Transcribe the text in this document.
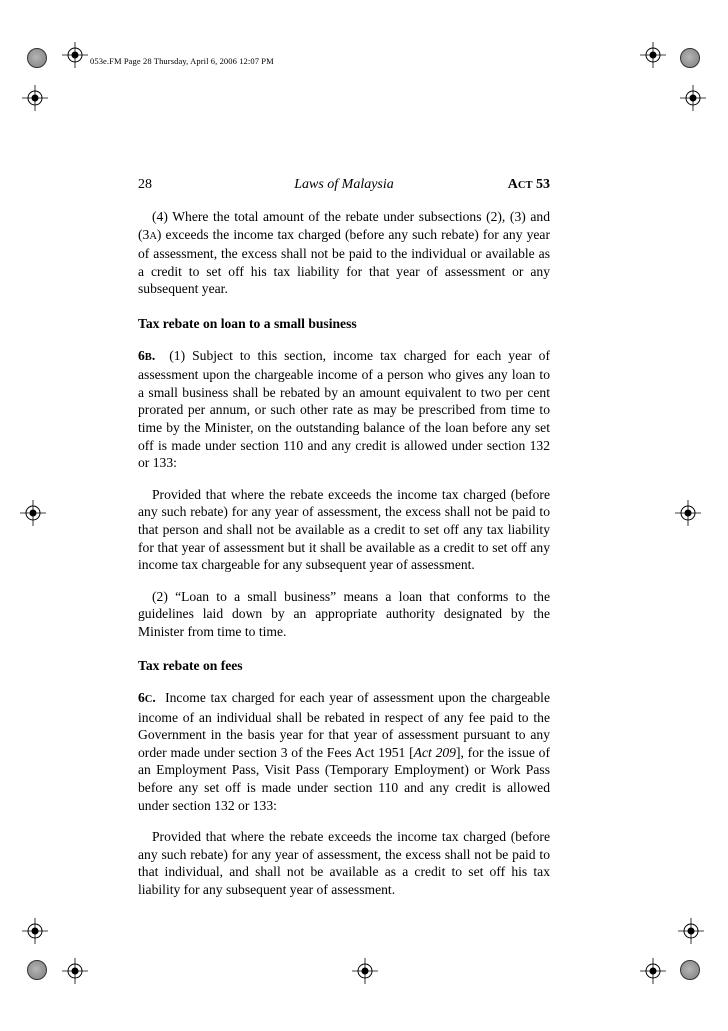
053e.FM Page 28 Thursday, April 6, 2006 12:07 PM
28	Laws of Malaysia	ACT 53

(4) Where the total amount of the rebate under subsections (2), (3) and (3A) exceeds the income tax charged (before any such rebate) for any year of assessment, the excess shall not be paid to the individual or available as a credit to set off his tax liability for that year of assessment or any subsequent year.

Tax rebate on loan to a small business

6B. (1) Subject to this section, income tax charged for each year of assessment upon the chargeable income of a person who gives any loan to a small business shall be rebated by an amount equivalent to two per cent prorated per annum, or such other rate as may be prescribed from time to time by the Minister, on the outstanding balance of the loan before any set off is made under section 110 and any credit is allowed under section 132 or 133:

Provided that where the rebate exceeds the income tax charged (before any such rebate) for any year of assessment, the excess shall not be paid to that person and shall not be available as a credit to set off any tax liability for that year of assessment but it shall be available as a credit to set off any income tax chargeable for any subsequent year of assessment.

(2) “Loan to a small business” means a loan that conforms to the guidelines laid down by an appropriate authority designated by the Minister from time to time.

Tax rebate on fees

6C. Income tax charged for each year of assessment upon the chargeable income of an individual shall be rebated in respect of any fee paid to the Government in the basis year for that year of assessment pursuant to any order made under section 3 of the Fees Act 1951 [Act 209], for the issue of an Employment Pass, Visit Pass (Temporary Employment) or Work Pass before any set off is made under section 110 and any credit is allowed under section 132 or 133:

Provided that where the rebate exceeds the income tax charged (before any such rebate) for any year of assessment, the excess shall not be paid to that individual, and shall not be available as a credit to set off his tax liability for any subsequent year of assessment.
